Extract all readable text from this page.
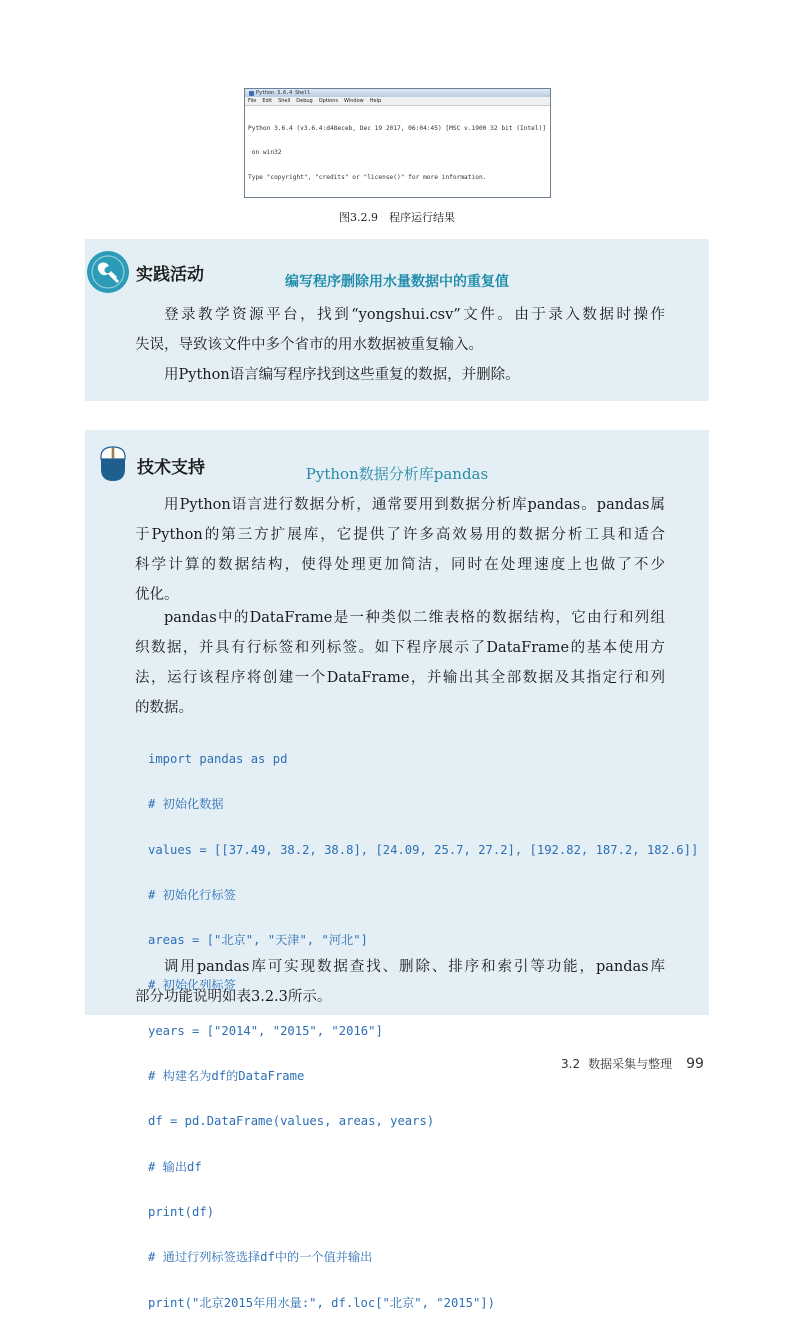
Python 3.6.4 Shell
File Edit Shell Debug Options Window Help

Python 3.6.4 (v3.6.4:d48eceb, Dec 19 2017, 06:04:45) [MSC v.1900 32 bit (Intel)]

on win32

Type "copyright", "credits" or "license()" for more information.

图3.2.9　程序运行结果
实践活动	编写程序删除用水量数据中的重复值
登录教学资源平台，找到“yongshui.csv”文件。由于录入数据时操作
失误，导致该文件中多个省市的用水数据被重复输入。
用Python语言编写程序找到这些重复的数据，并删除。
技术支持	Python数据分析库pandas
用Python语言进行数据分析，通常要用到数据分析库pandas。pandas属
于Python的第三方扩展库，它提供了许多高效易用的数据分析工具和适合
科学计算的数据结构，使得处理更加简洁，同时在处理速度上也做了不少
优化。
pandas中的DataFrame是一种类似二维表格的数据结构，它由行和列组
织数据，并具有行标签和列标签。如下程序展示了DataFrame的基本使用方
法，运行该程序将创建一个DataFrame，并输出其全部数据及其指定行和列
的数据。

import pandas as pd

# 初始化数据

values = [[37.49, 38.2, 38.8], [24.09, 25.7, 27.2], [192.82, 187.2, 182.6]]

# 初始化行标签

areas = ["北京", "天津", "河北"]

# 初始化列标签

years = ["2014", "2015", "2016"]

# 构建名为df的DataFrame

df = pd.DataFrame(values, areas, years)

# 输出df

print(df)

# 通过行列标签选择df中的一个值并输出

print("北京2015年用水量:", df.loc["北京", "2015"])

调用pandas库可实现数据查找、删除、排序和索引等功能，pandas库
部分功能说明如表3.2.3所示。
3.2 数据采集与整理 99
